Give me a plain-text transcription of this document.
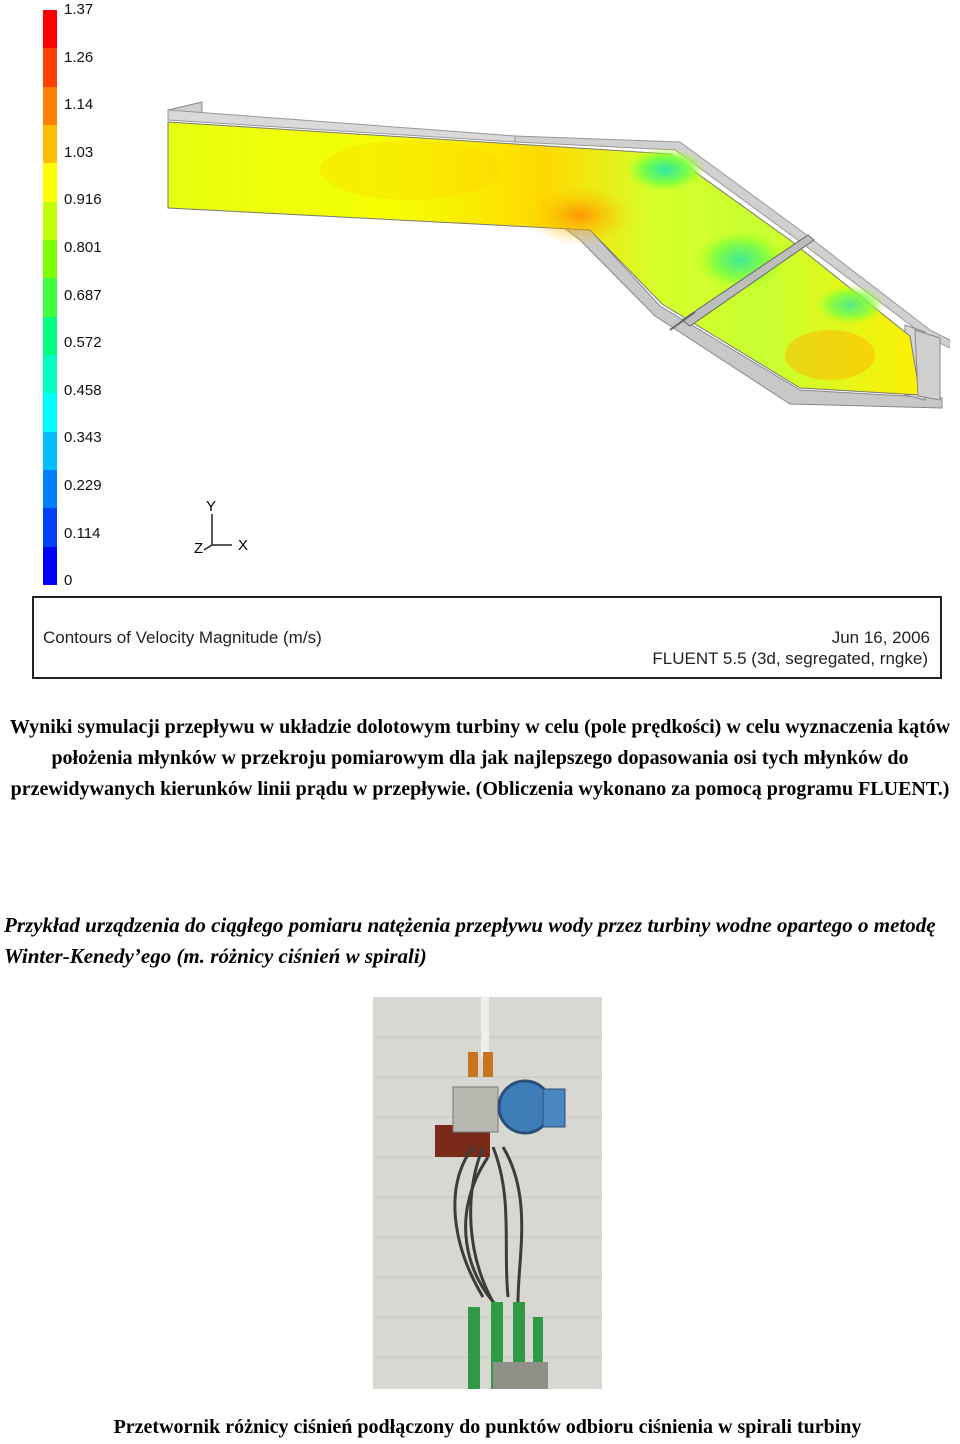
1.37
1.26
1.14
1.03
0.916
0.801
0.687
0.572
0.458
0.343
0.229
0.114
0
Y
X
Z
Contours of Velocity Magnitude (m/s)	Jun 16, 2006
FLUENT 5.5 (3d, segregated, rngke)
Wyniki symulacji przepływu w układzie dolotowym turbiny w celu (pole prędkości) w celu wyznaczenia kątów położenia młynków w przekroju pomiarowym dla jak najlepszego dopasowania osi tych młynków do przewidywanych kierunków linii prądu w przepływie. (Obliczenia wykonano za pomocą programu FLUENT.)
Przykład urządzenia do ciągłego pomiaru natężenia przepływu wody przez turbiny wodne opartego o metodę Winter-Kenedy’ego (m. różnicy ciśnień w spirali)
Przetwornik różnicy ciśnień podłączony do punktów odbioru ciśnienia w spirali turbiny
